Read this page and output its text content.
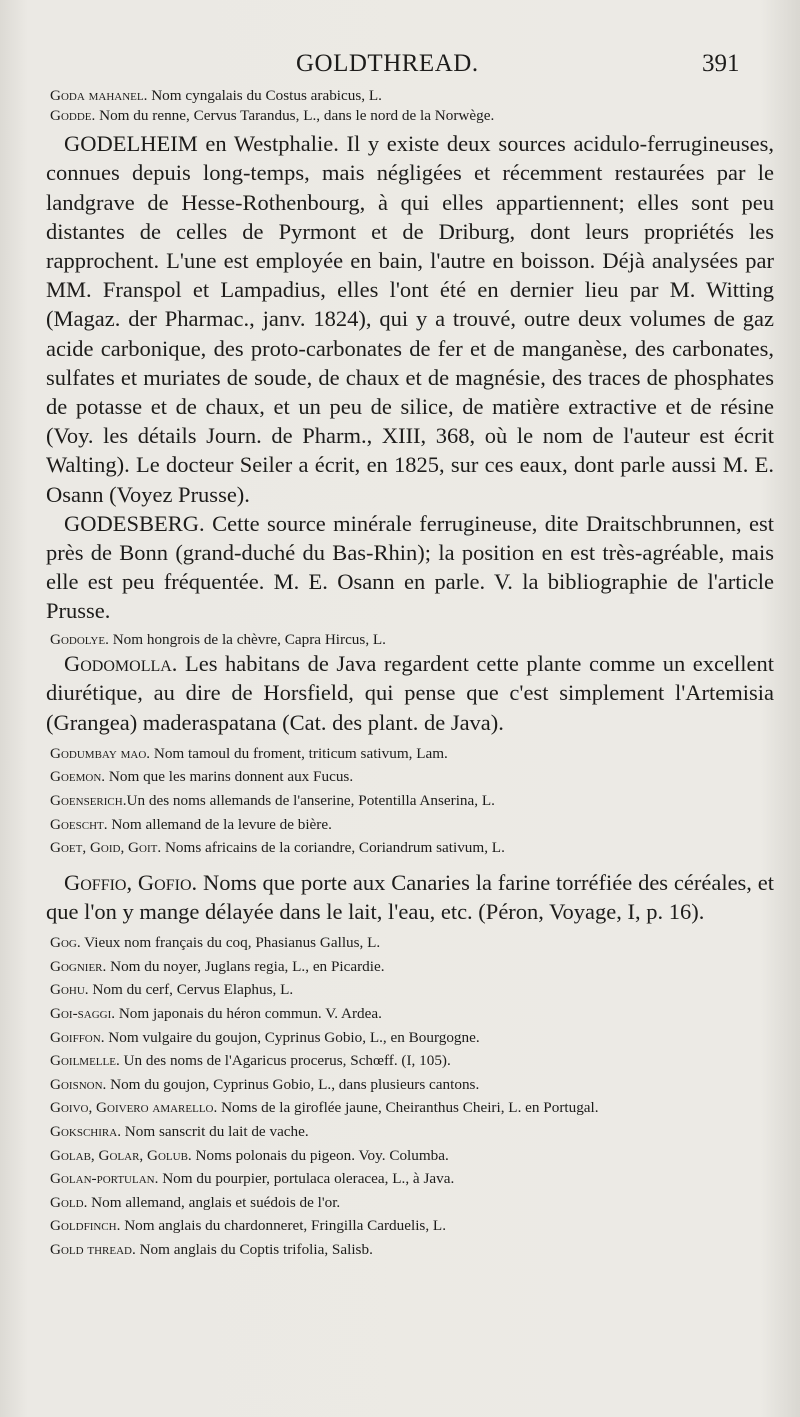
GOLDTHREAD.	391

Goda mahanel. Nom cyngalais du Costus arabicus, L.

Godde. Nom du renne, Cervus Tarandus, L., dans le nord de la Norwège.

GODELHEIM en Westphalie. Il y existe deux sources acidulo-ferrugineuses, connues depuis long-temps, mais négligées et récemment restaurées par le landgrave de Hesse-Rothenbourg, à qui elles appartiennent; elles sont peu distantes de celles de Pyrmont et de Driburg, dont leurs propriétés les rapprochent. L'une est employée en bain, l'autre en boisson. Déjà analysées par MM. Franspol et Lampadius, elles l'ont été en dernier lieu par M. Witting (Magaz. der Pharmac., janv. 1824), qui y a trouvé, outre deux volumes de gaz acide carbonique, des proto-carbonates de fer et de manganèse, des carbonates, sulfates et muriates de soude, de chaux et de magnésie, des traces de phosphates de potasse et de chaux, et un peu de silice, de matière extractive et de résine (Voy. les détails Journ. de Pharm., XIII, 368, où le nom de l'auteur est écrit Walting). Le docteur Seiler a écrit, en 1825, sur ces eaux, dont parle aussi M. E. Osann (Voyez Prusse).

GODESBERG. Cette source minérale ferrugineuse, dite Draitschbrunnen, est près de Bonn (grand-duché du Bas-Rhin); la position en est très-agréable, mais elle est peu fréquentée. M. E. Osann en parle. V. la bibliographie de l'article Prusse.

Godolye. Nom hongrois de la chèvre, Capra Hircus, L.

Godomolla. Les habitans de Java regardent cette plante comme un excellent diurétique, au dire de Horsfield, qui pense que c'est simplement l'Artemisia (Grangea) maderaspatana (Cat. des plant. de Java).

Godumbay mao. Nom tamoul du froment, triticum sativum, Lam.

Goemon. Nom que les marins donnent aux Fucus.

Goenserich.Un des noms allemands de l'anserine, Potentilla Anserina, L.

Goescht. Nom allemand de la levure de bière.

Goet, Goid, Goit. Noms africains de la coriandre, Coriandrum sativum, L.

Goffio, Gofio. Noms que porte aux Canaries la farine torréfiée des céréales, et que l'on y mange délayée dans le lait, l'eau, etc. (Péron, Voyage, I, p. 16).

Gog. Vieux nom français du coq, Phasianus Gallus, L.

Gognier. Nom du noyer, Juglans regia, L., en Picardie.

Gohu. Nom du cerf, Cervus Elaphus, L.

Goi-saggi. Nom japonais du héron commun. V. Ardea.

Goiffon. Nom vulgaire du goujon, Cyprinus Gobio, L., en Bourgogne.

Goilmelle. Un des noms de l'Agaricus procerus, Schœff. (I, 105).

Goisnon. Nom du goujon, Cyprinus Gobio, L., dans plusieurs cantons.

Goivo, Goivero amarello. Noms de la giroflée jaune, Cheiranthus Cheiri, L. en Portugal.

Gokschira. Nom sanscrit du lait de vache.

Golab, Golar, Golub. Noms polonais du pigeon. Voy. Columba.

Golan-portulan. Nom du pourpier, portulaca oleracea, L., à Java.

Gold. Nom allemand, anglais et suédois de l'or.

Goldfinch. Nom anglais du chardonneret, Fringilla Carduelis, L.

Gold thread. Nom anglais du Coptis trifolia, Salisb.
